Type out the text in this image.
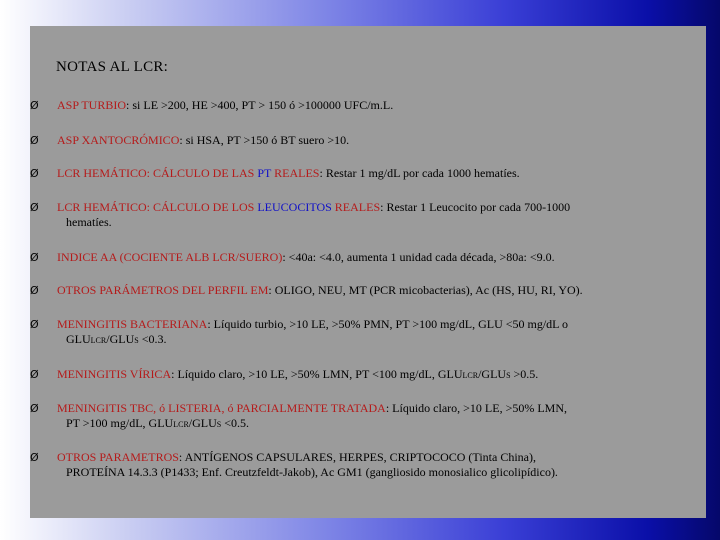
NOTAS AL LCR:
Ø	ASP TURBIO: si LE >200, HE >400, PT > 150 ó >100000 UFC/m.L.
Ø	ASP XANTOCRÓMICO: si HSA, PT >150 ó BT suero >10.
Ø	LCR HEMÁTICO: CÁLCULO DE LAS PT REALES: Restar 1 mg/dL por cada 1000 hematíes.
Ø	LCR HEMÁTICO: CÁLCULO DE LOS LEUCOCITOS REALES: Restar 1 Leucocito por cada 700-1000
hematíes.
Ø	INDICE AA (COCIENTE ALB LCR/SUERO): <40a: <4.0, aumenta 1 unidad cada década, >80a: <9.0.
Ø	OTROS PARÁMETROS DEL PERFIL EM: OLIGO, NEU, MT (PCR micobacterias), Ac (HS, HU, RI, YO).
Ø	MENINGITIS BACTERIANA: Líquido turbio, >10 LE, >50% PMN, PT >100 mg/dL, GLU <50 mg/dL o
GLULCR/GLUS <0.3.
Ø	MENINGITIS VÍRICA: Líquido claro, >10 LE, >50% LMN, PT <100 mg/dL, GLULCR/GLUS >0.5.
Ø	MENINGITIS TBC, ó LISTERIA, ó PARCIALMENTE TRATADA: Líquido claro, >10 LE, >50% LMN,
PT >100 mg/dL, GLULCR/GLUS <0.5.
Ø	OTROS PARAMETROS: ANTÍGENOS CAPSULARES, HERPES, CRIPTOCOCO (Tinta China),
PROTEÍNA 14.3.3 (P1433; Enf. Creutzfeldt-Jakob), Ac GM1 (gangliosido monosialico glicolipídico).
